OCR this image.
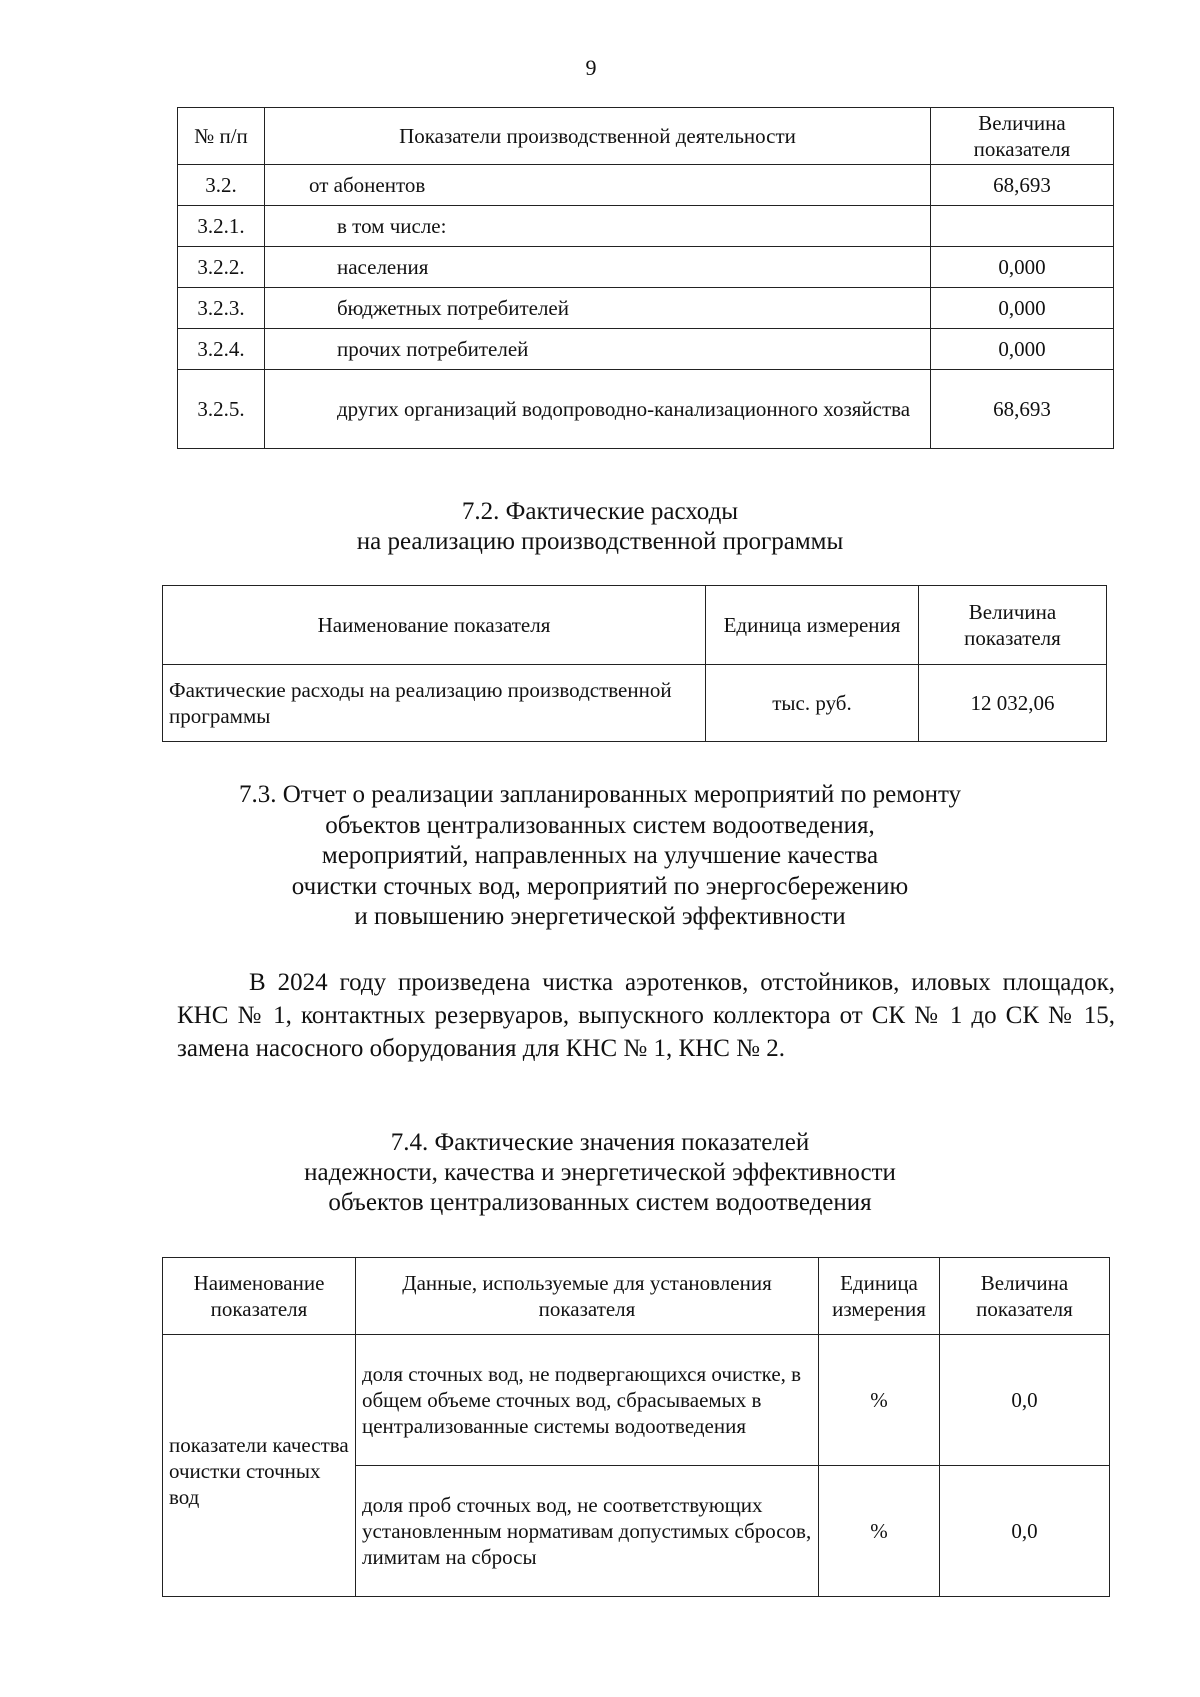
9
№ п/п	Показатели производственной деятельности	Величина показателя
3.2.	от абонентов	68,693
3.2.1.	в том числе:	
3.2.2.	населения	0,000
3.2.3.	бюджетных потребителей	0,000
3.2.4.	прочих потребителей	0,000
3.2.5.	других организаций водопроводно-канализационного хозяйства	68,693
7.2. Фактические расходы
на реализацию производственной программы
Наименование показателя	Единица измерения	Величина показателя
Фактические расходы на реализацию производственной программы	тыс. руб.	12 032,06
7.3. Отчет о реализации запланированных мероприятий по ремонту
объектов централизованных систем водоотведения,
мероприятий, направленных на улучшение качества
очистки сточных вод, мероприятий по энергосбережению
и повышению энергетической эффективности
В 2024 году произведена чистка аэротенков, отстойников, иловых площадок, КНС № 1, контактных резервуаров, выпускного коллектора от СК № 1 до СК № 15, замена насосного оборудования для КНС № 1, КНС № 2.
7.4. Фактические значения показателей
надежности, качества и энергетической эффективности
объектов централизованных систем водоотведения
Наименование показателя	Данные, используемые для установления показателя	Единица измерения	Величина показателя
показатели качества очистки сточных вод	доля сточных вод, не подвергающихся очистке, в общем объеме сточных вод, сбрасываемых в централизованные системы водоотведения	%	0,0
	доля проб сточных вод, не соответствующих установленным нормативам допустимых сбросов, лимитам на сбросы	%	0,0
